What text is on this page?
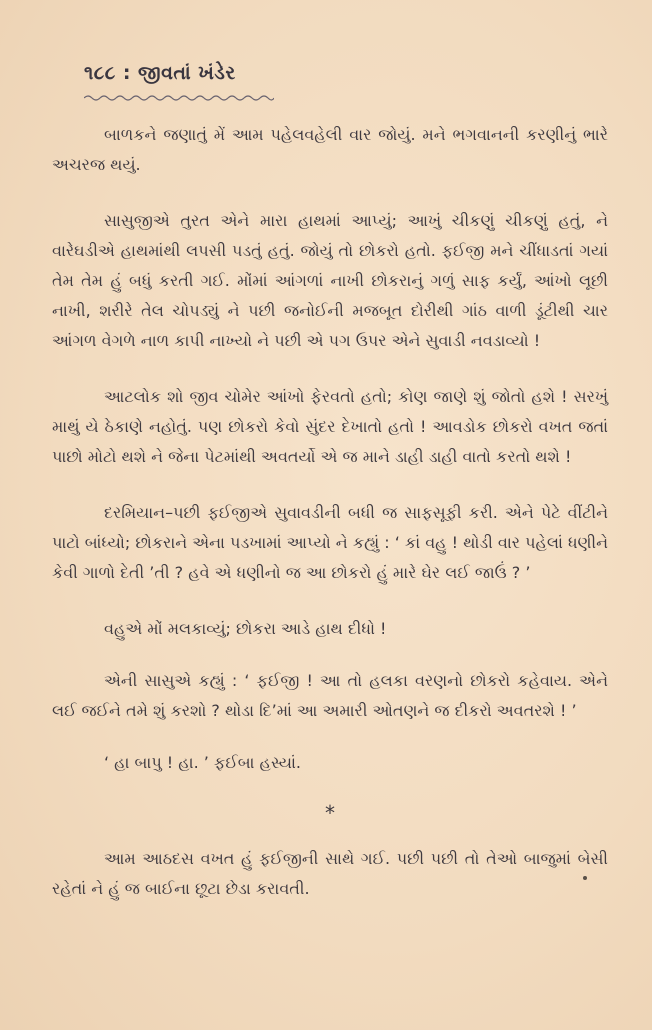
૧૮૮ : જીવતાં ખંડેર

બાળકને જણાતું મેં આમ પહેલવહેલી વાર જોયું. મને ભગવાનની કરણીનું ભારે અચરજ થયું.

સાસુજીએ તુરત એને મારા હાથમાં આપ્યું; આખું ચીકણું ચીકણું હતું, ને વારેઘડીએ હાથમાંથી લપસી પડતું હતું. જોયું તો છોકરો હતો. ફઈજી મને ચીંધાડતાં ગયાં તેમ તેમ હું બધું કરતી ગઈ. મોંમાં આંગળાં નાખી છોકરાનું ગળું સાફ કર્યું, આંખો લૂછી નાખી, શરીરે તેલ ચોપડ્યું ને પછી જનોઈની મજબૂત દોરીથી ગાંઠ વાળી ડૂંટીથી ચાર આંગળ વેગળે નાળ કાપી નાખ્યો ને પછી એ પગ ઉપર એને સુવાડી નવડાવ્યો !

આટલોક શો જીવ ચોમેર આંખો ફેરવતો હતો; કોણ જાણે શું જોતો હશે ! સરખું માથું યે ઠેકાણે નહોતું. પણ છોકરો કેવો સુંદર દેખાતો હતો ! આવડોક છોકરો વખત જતાં પાછો મોટો થશે ને જેના પેટમાંથી અવતર્યો એ જ માને ડાહી ડાહી વાતો કરતો થશે !

દરમિયાન–પછી ફઈજીએ સુવાવડીની બધી જ સાફસૂફી કરી. એને પેટે વીંટીને પાટો બાંધ્યો; છોકરાને એના પડખામાં આપ્યો ને કહ્યું : ‘ કાં વહુ ! થોડી વાર પહેલાં ધણીને કેવી ગાળો દેતી ’તી ? હવે એ ધણીનો જ આ છોકરો હું મારે ઘેર લઈ જાઉં ? ’

વહુએ મોં મલકાવ્યું; છોકરા આડે હાથ દીધો !

એની સાસુએ કહ્યું : ‘ ફઈજી ! આ તો હલકા વરણનો છોકરો કહેવાય. એને લઈ જઈને તમે શું કરશો ? થોડા દિ’માં આ અમારી ઓતણને જ દીકરો અવતરશે ! ’

‘ હા બાપુ ! હા. ’ ફઈબા હસ્યાં.

*

આમ આઠદસ વખત હું ફઈજીની સાથે ગઈ. પછી પછી તો તેઓ બાજુમાં બેસી રહેતાં ને હું જ બાઈના છૂટા છેડા કરાવતી.
